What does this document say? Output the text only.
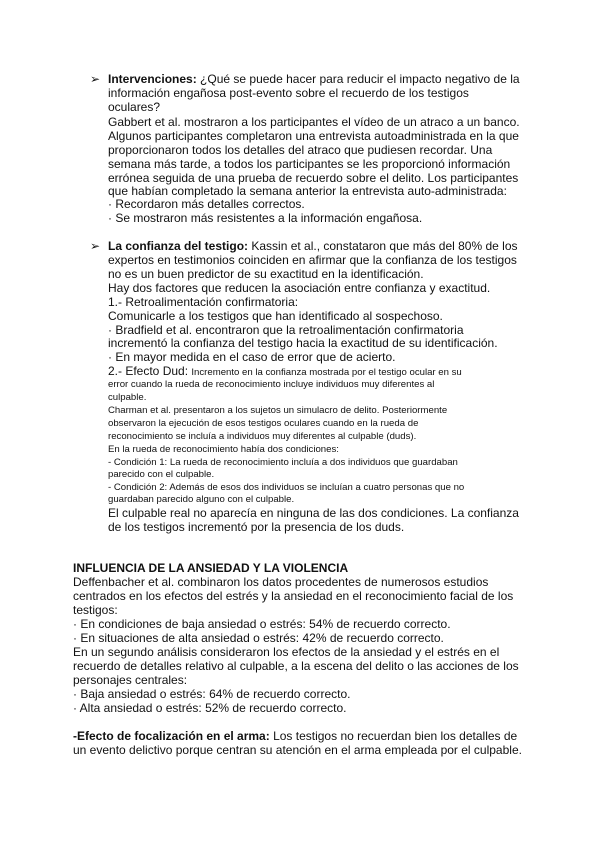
➢ Intervenciones: ¿Qué se puede hacer para reducir el impacto negativo de la
información engañosa post-evento sobre el recuerdo de los testigos
oculares?
Gabbert et al. mostraron a los participantes el vídeo de un atraco a un banco.
Algunos participantes completaron una entrevista autoadministrada en la que
proporcionaron todos los detalles del atraco que pudiesen recordar. Una
semana más tarde, a todos los participantes se les proporcionó información
errónea seguida de una prueba de recuerdo sobre el delito. Los participantes
que habían completado la semana anterior la entrevista auto-administrada:
· Recordaron más detalles correctos.
· Se mostraron más resistentes a la información engañosa.
➢ La confianza del testigo: Kassin et al., constataron que más del 80% de los
expertos en testimonios coinciden en afirmar que la confianza de los testigos
no es un buen predictor de su exactitud en la identificación.
Hay dos factores que reducen la asociación entre confianza y exactitud.
1.- Retroalimentación confirmatoria:
Comunicarle a los testigos que han identificado al sospechoso.
· Bradfield et al. encontraron que la retroalimentación confirmatoria
incrementó la confianza del testigo hacia la exactitud de su identificación.
· En mayor medida en el caso de error que de acierto.
2.- Efecto Dud: Incremento en la confianza mostrada por el testigo ocular en su
error cuando la rueda de reconocimiento incluye individuos muy diferentes al
culpable.
Charman et al. presentaron a los sujetos un simulacro de delito. Posteriormente
observaron la ejecución de esos testigos oculares cuando en la rueda de
reconocimiento se incluía a individuos muy diferentes al culpable (duds).
En la rueda de reconocimiento había dos condiciones:
- Condición 1: La rueda de reconocimiento incluía a dos individuos que guardaban
parecido con el culpable.
- Condición 2: Además de esos dos individuos se incluían a cuatro personas que no
guardaban parecido alguno con el culpable.
El culpable real no aparecía en ninguna de las dos condiciones. La confianza
de los testigos incrementó por la presencia de los duds.
INFLUENCIA DE LA ANSIEDAD Y LA VIOLENCIA
Deffenbacher et al. combinaron los datos procedentes de numerosos estudios
centrados en los efectos del estrés y la ansiedad en el reconocimiento facial de los
testigos:
· En condiciones de baja ansiedad o estrés: 54% de recuerdo correcto.
· En situaciones de alta ansiedad o estrés: 42% de recuerdo correcto.
En un segundo análisis consideraron los efectos de la ansiedad y el estrés en el
recuerdo de detalles relativo al culpable, a la escena del delito o las acciones de los
personajes centrales:
· Baja ansiedad o estrés: 64% de recuerdo correcto.
· Alta ansiedad o estrés: 52% de recuerdo correcto.
-Efecto de focalización en el arma: Los testigos no recuerdan bien los detalles de
un evento delictivo porque centran su atención en el arma empleada por el culpable.
